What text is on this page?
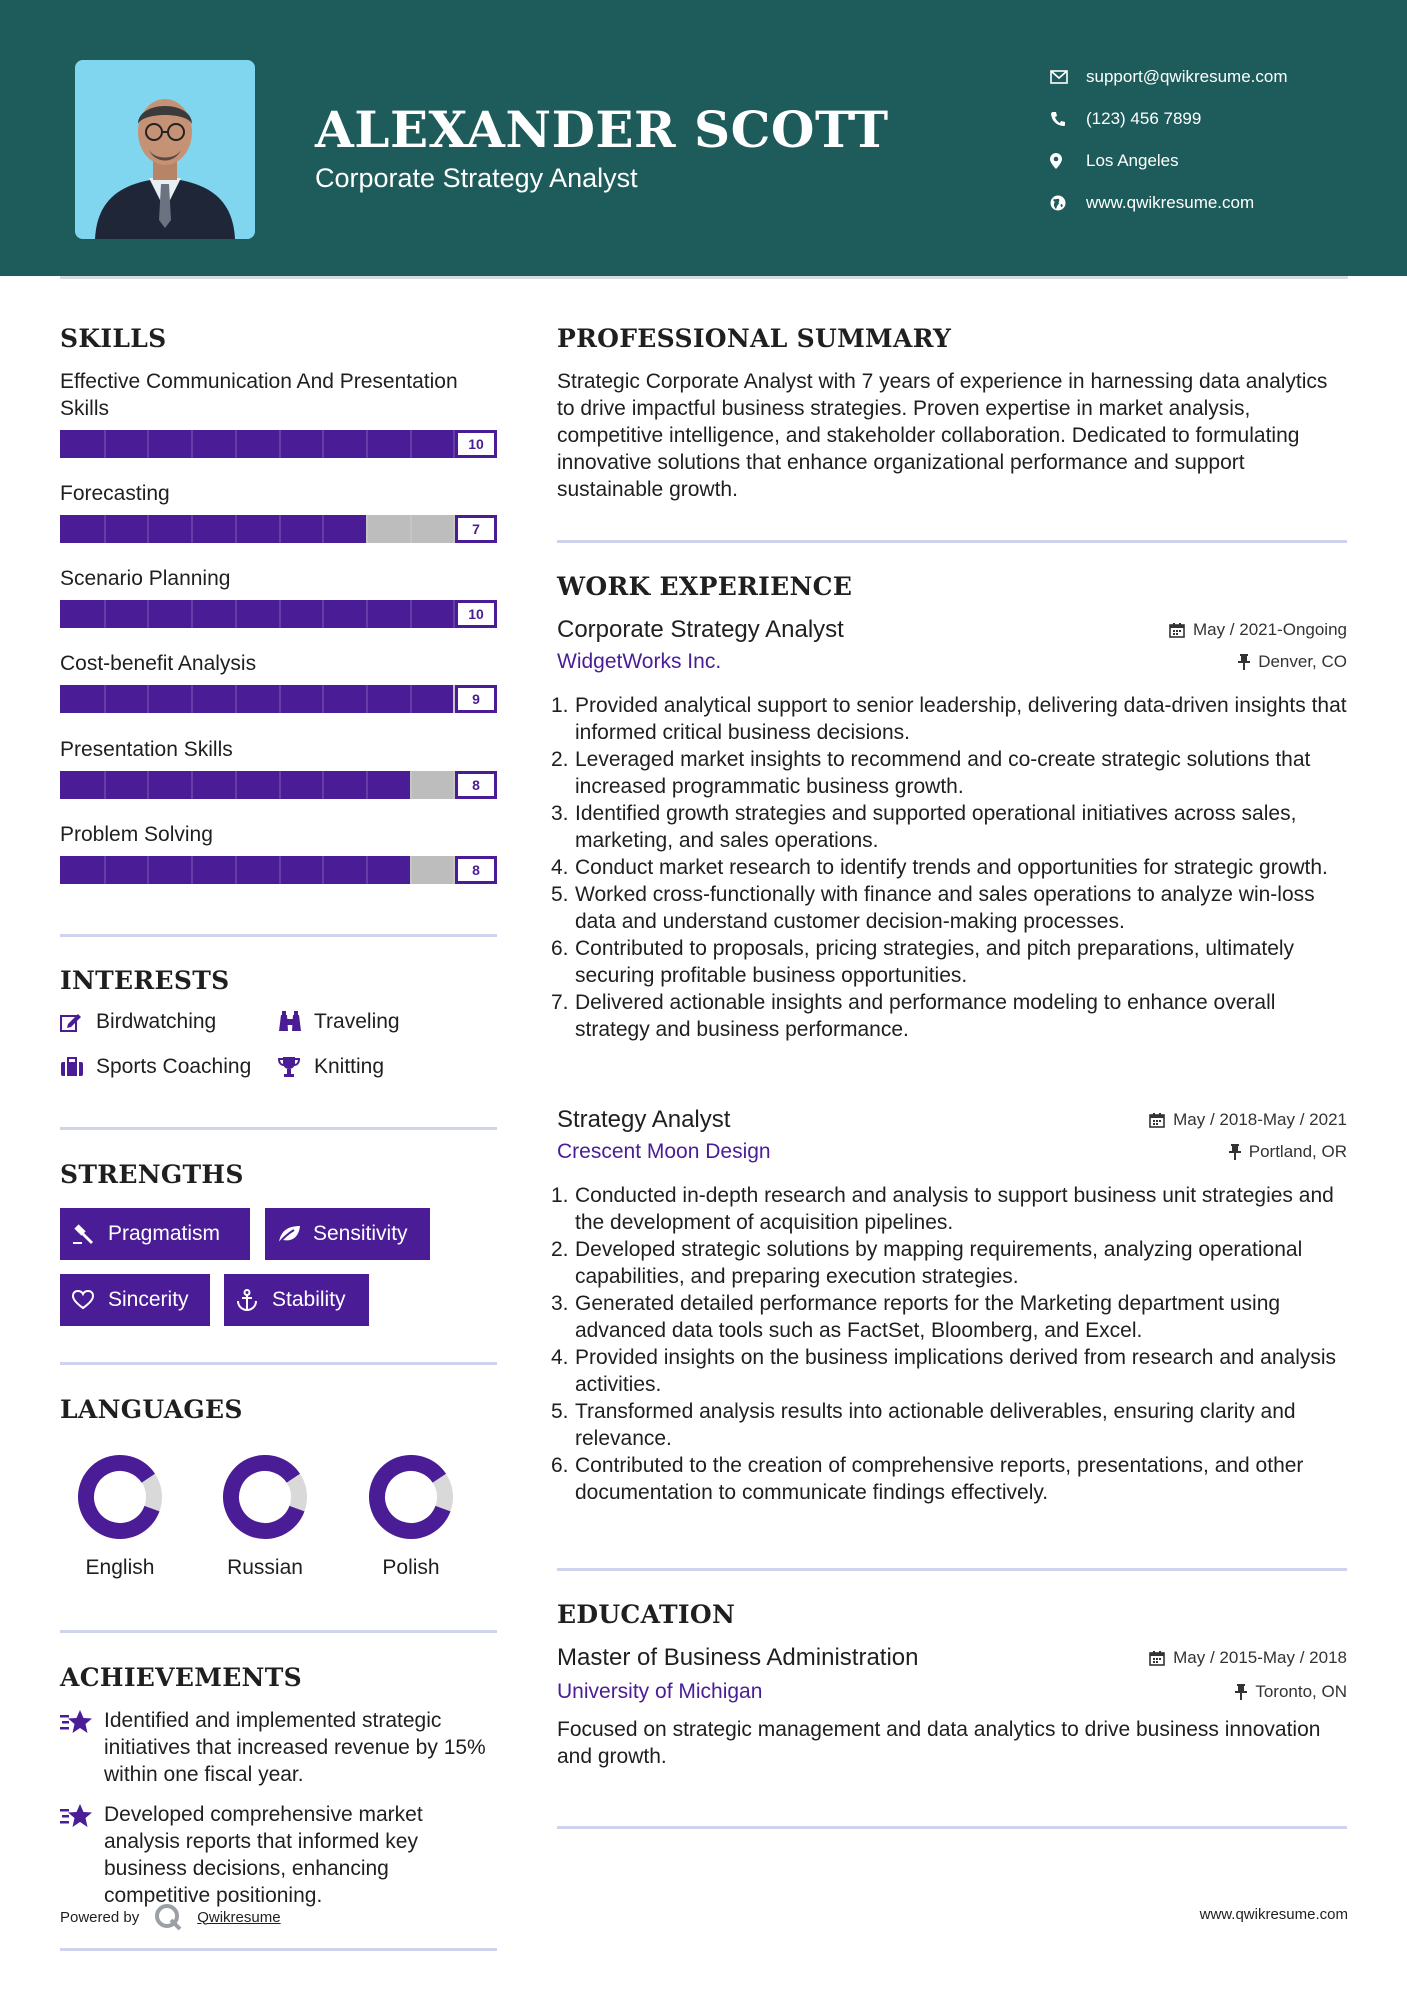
ALEXANDER SCOTT
Corporate Strategy Analyst
support@qwikresume.com
(123) 456 7899
Los Angeles
www.qwikresume.com
SKILLS
Effective Communication And Presentation Skills
10
Forecasting
7
Scenario Planning
10
Cost-benefit Analysis
9
Presentation Skills
8
Problem Solving
8
INTERESTS
Birdwatching	Traveling
Sports Coaching	Knitting
STRENGTHS
Pragmatism	Sensitivity
Sincerity	Stability
LANGUAGES
English	Russian	Polish
ACHIEVEMENTS
Identified and implemented strategic initiatives that increased revenue by 15% within one fiscal year.
Developed comprehensive market analysis reports that informed key business decisions, enhancing competitive positioning.
PROFESSIONAL SUMMARY
Strategic Corporate Analyst with 7 years of experience in harnessing data analytics to drive impactful business strategies. Proven expertise in market analysis, competitive intelligence, and stakeholder collaboration. Dedicated to formulating innovative solutions that enhance organizational performance and support sustainable growth.
WORK EXPERIENCE
Corporate Strategy Analyst	May / 2021-Ongoing
WidgetWorks Inc.	Denver, CO
1. Provided analytical support to senior leadership, delivering data-driven insights that informed critical business decisions.
2. Leveraged market insights to recommend and co-create strategic solutions that increased programmatic business growth.
3. Identified growth strategies and supported operational initiatives across sales, marketing, and sales operations.
4. Conduct market research to identify trends and opportunities for strategic growth.
5. Worked cross-functionally with finance and sales operations to analyze win-loss data and understand customer decision-making processes.
6. Contributed to proposals, pricing strategies, and pitch preparations, ultimately securing profitable business opportunities.
7. Delivered actionable insights and performance modeling to enhance overall strategy and business performance.
Strategy Analyst	May / 2018-May / 2021
Crescent Moon Design	Portland, OR
1. Conducted in-depth research and analysis to support business unit strategies and the development of acquisition pipelines.
2. Developed strategic solutions by mapping requirements, analyzing operational capabilities, and preparing execution strategies.
3. Generated detailed performance reports for the Marketing department using advanced data tools such as FactSet, Bloomberg, and Excel.
4. Provided insights on the business implications derived from research and analysis activities.
5. Transformed analysis results into actionable deliverables, ensuring clarity and relevance.
6. Contributed to the creation of comprehensive reports, presentations, and other documentation to communicate findings effectively.
EDUCATION
Master of Business Administration	May / 2015-May / 2018
University of Michigan	Toronto, ON
Focused on strategic management and data analytics to drive business innovation and growth.
Powered by	Qwikresume	www.qwikresume.com
